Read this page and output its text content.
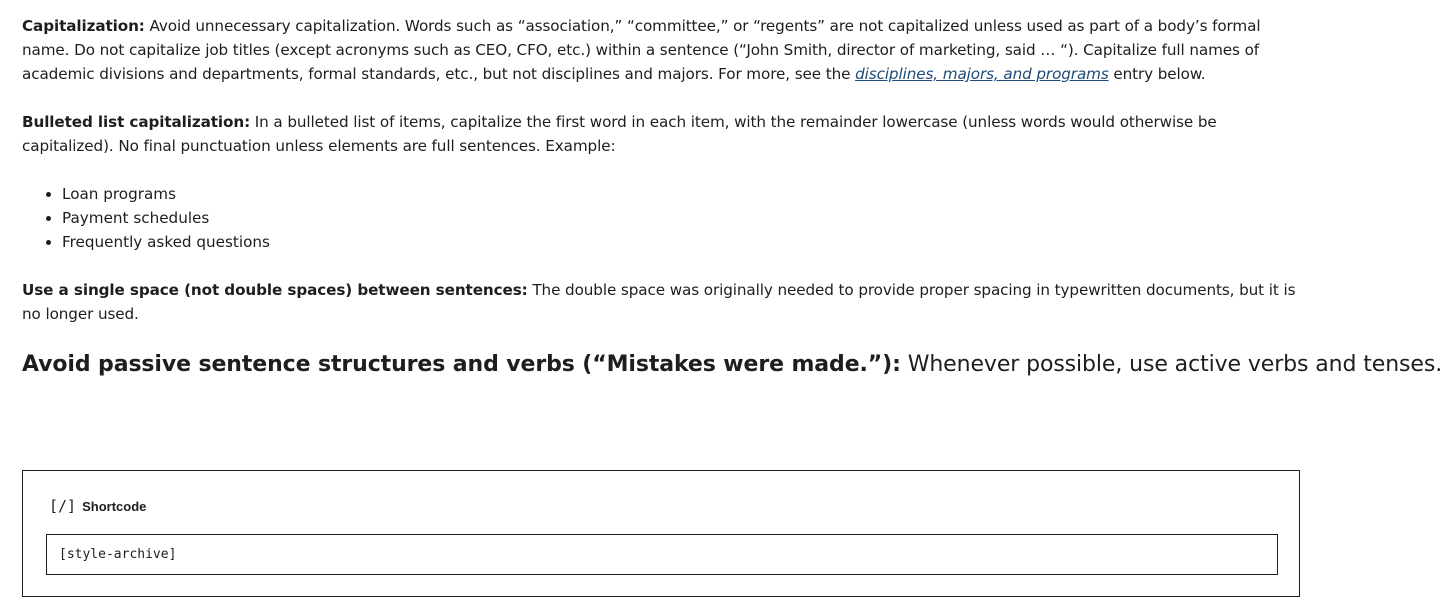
Capitalization: Avoid unnecessary capitalization. Words such as “association,” “committee,” or “regents” are not capitalized unless used as part of a body’s formal name. Do not capitalize job titles (except acronyms such as CEO, CFO, etc.) within a sentence (“John Smith, director of marketing, said … “). Capitalize full names of academic divisions and departments, formal standards, etc., but not disciplines and majors. For more, see the disciplines, majors, and programs entry below.

Bulleted list capitalization: In a bulleted list of items, capitalize the first word in each item, with the remainder lowercase (unless words would otherwise be capitalized). No final punctuation unless elements are full sentences. Example:

• Loan programs
• Payment schedules
• Frequently asked questions

Use a single space (not double spaces) between sentences: The double space was originally needed to provide proper spacing in typewritten documents, but it is no longer used.

Avoid passive sentence structures and verbs (“Mistakes were made.”): Whenever possible, use active verbs and tenses.

[/] Shortcode
[style-archive]
